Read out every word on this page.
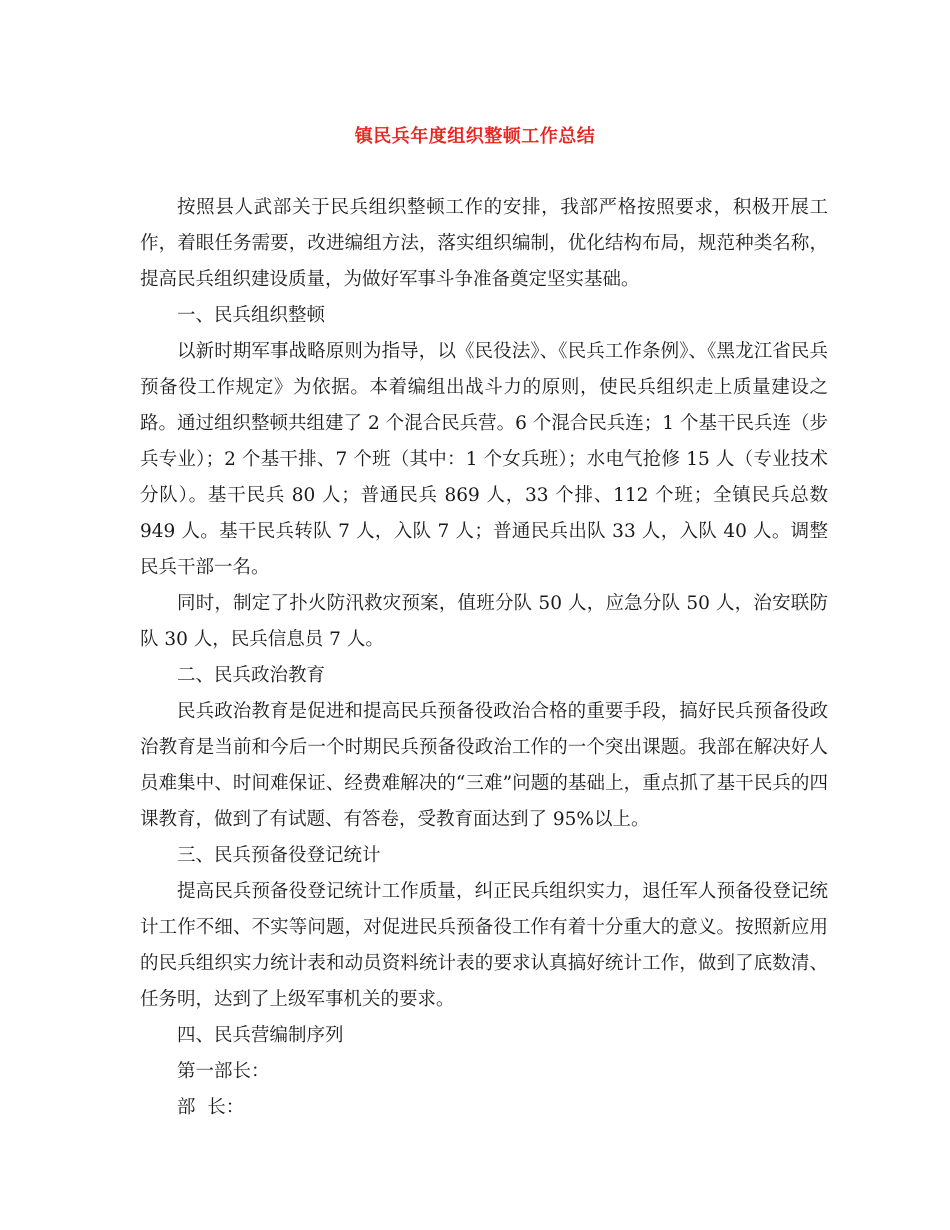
镇民兵年度组织整顿工作总结

按照县人武部关于民兵组织整顿工作的安排，我部严格按照要求，积极开展工作，着眼任务需要，改进编组方法，落实组织编制，优化结构布局，规范种类名称，提高民兵组织建设质量，为做好军事斗争准备奠定坚实基础。

一、民兵组织整顿

以新时期军事战略原则为指导，以《民役法》、《民兵工作条例》、《黑龙江省民兵预备役工作规定》为依据。本着编组出战斗力的原则，使民兵组织走上质量建设之路。通过组织整顿共组建了 2 个混合民兵营。6 个混合民兵连；1 个基干民兵连（步兵专业）；2 个基干排、7 个班（其中：1 个女兵班）；水电气抢修 15 人（专业技术分队）。基干民兵 80 人；普通民兵 869 人，33 个排、112 个班；全镇民兵总数 949 人。基干民兵转队 7 人，入队 7 人；普通民兵出队 33 人，入队 40 人。调整民兵干部一名。

同时，制定了扑火防汛救灾预案，值班分队 50 人，应急分队 50 人，治安联防队 30 人，民兵信息员 7 人。

二、民兵政治教育

民兵政治教育是促进和提高民兵预备役政治合格的重要手段，搞好民兵预备役政治教育是当前和今后一个时期民兵预备役政治工作的一个突出课题。我部在解决好人员难集中、时间难保证、经费难解决的“三难”问题的基础上，重点抓了基干民兵的四课教育，做到了有试题、有答卷，受教育面达到了 95%以上。

三、民兵预备役登记统计

提高民兵预备役登记统计工作质量，纠正民兵组织实力，退任军人预备役登记统计工作不细、不实等问题，对促进民兵预备役工作有着十分重大的意义。按照新应用的民兵组织实力统计表和动员资料统计表的要求认真搞好统计工作，做到了底数清、任务明，达到了上级军事机关的要求。

四、民兵营编制序列

第一部长：

部  长：
